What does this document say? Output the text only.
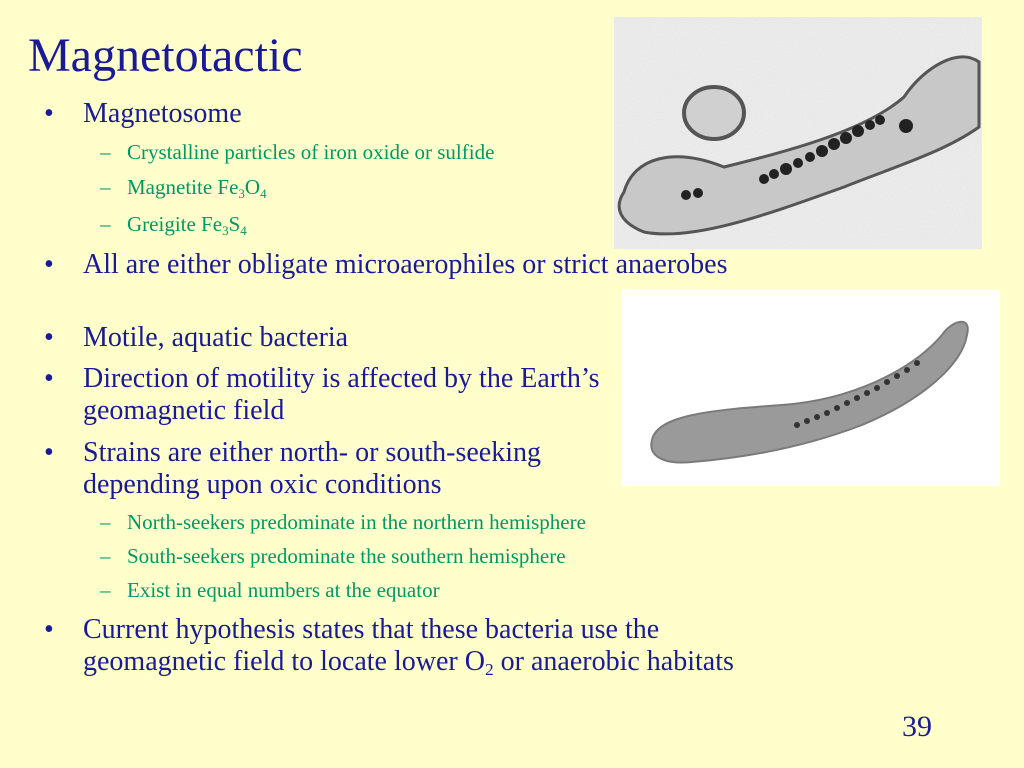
Magnetotactic
• Magnetosome
– Crystalline particles of iron oxide or sulfide
– Magnetite $Fe_3O_4$
– Greigite $Fe_3S_4$
• All are either obligate microaerophiles or strict anaerobes
• Motile, aquatic bacteria
• Direction of motility is affected by the Earth’s geomagnetic field
• Strains are either north- or south-seeking depending upon oxic conditions
– North-seekers predominate in the northern hemisphere
– South-seekers predominate the southern hemisphere
– Exist in equal numbers at the equator
• Current hypothesis states that these bacteria use the geomagnetic field to locate lower $O_2$ or anaerobic habitats
39
